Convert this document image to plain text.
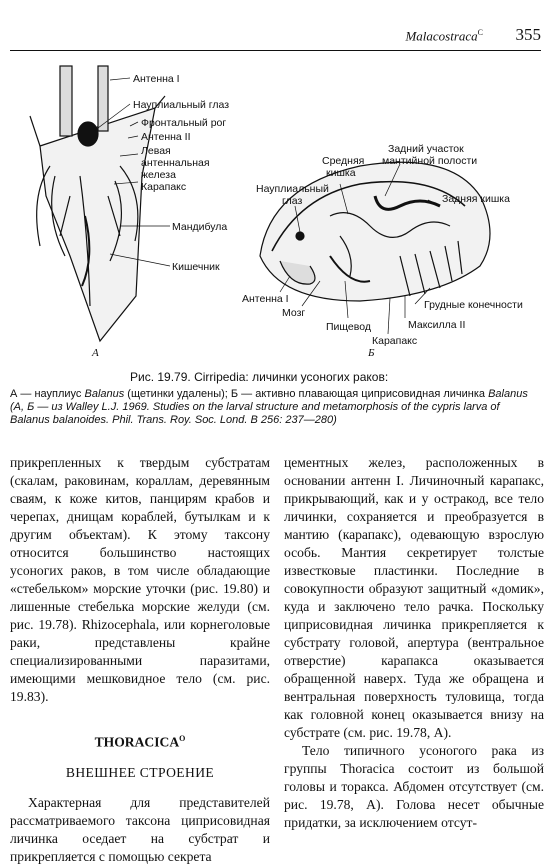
Malacostraca$^C$ 355
Антенна I
Науплиальный глаз
Фронтальный рог
Антенна II
Левая
антеннальная
железа
Карапакс
Мандибула
Кишечник
А
Средняя
кишка
Задний участок
мантийной полости
Науплиальный
глаз	Задняя кишка
Антенна I
Мозг
Пищевод
Грудные конечности
Максилла II
Карапакс
Б
Рис. 19.79. Cirripedia: личинки усоногих раков:
А — науплиус Balanus (щетинки удалены); Б — активно плавающая циприсовидная личинка Balanus
(А, Б — из Walley L.J. 1969. Studies on the larval structure and metamorphosis of the cypris larva of Balanus balanoides. Phil. Trans. Roy. Soc. Lond. B 256: 237—280)

прикрепленных к твердым субстратам (скалам, раковинам, кораллам, деревянным сваям, к коже китов, панцирям крабов и черепах, днищам кораблей, бутылкам и к другим объектам). К этому таксону относится большинство настоящих усоногих раков, в том числе обладающие «стебельком» морские уточки (рис. 19.80) и лишенные стебелька морские желуди (см. рис. 19.78). Rhizocephala, или корнеголовые раки, представлены крайне специализированными паразитами, имеющими мешковидное тело (см. рис. 19.83).

$THORACICA^O$
ВНЕШНЕЕ СТРОЕНИЕ

Характерная для представителей рассматриваемого таксона циприсовидная личинка оседает на субстрат и прикрепляется с помощью секрета

цементных желез, расположенных в основании антенн I. Личиночный карапакс, прикрывающий, как и у остракод, все тело личинки, сохраняется и преобразуется в мантию (карапакс), одевающую взрослую особь. Мантия секретирует толстые известковые пластинки. Последние в совокупности образуют защитный «домик», куда и заключено тело рачка. Поскольку циприсовидная личинка прикрепляется к субстрату головой, апертура (вентральное отверстие) карапакса оказывается обращенной наверх. Туда же обращена и вентральная поверхность туловища, тогда как головной конец оказывается внизу на субстрате (см. рис. 19.78, А).

Тело типичного усоногого рака из группы Thoracica состоит из большой головы и торакса. Абдомен отсутствует (см. рис. 19.78, А). Голова несет обычные придатки, за исключением отсут-
